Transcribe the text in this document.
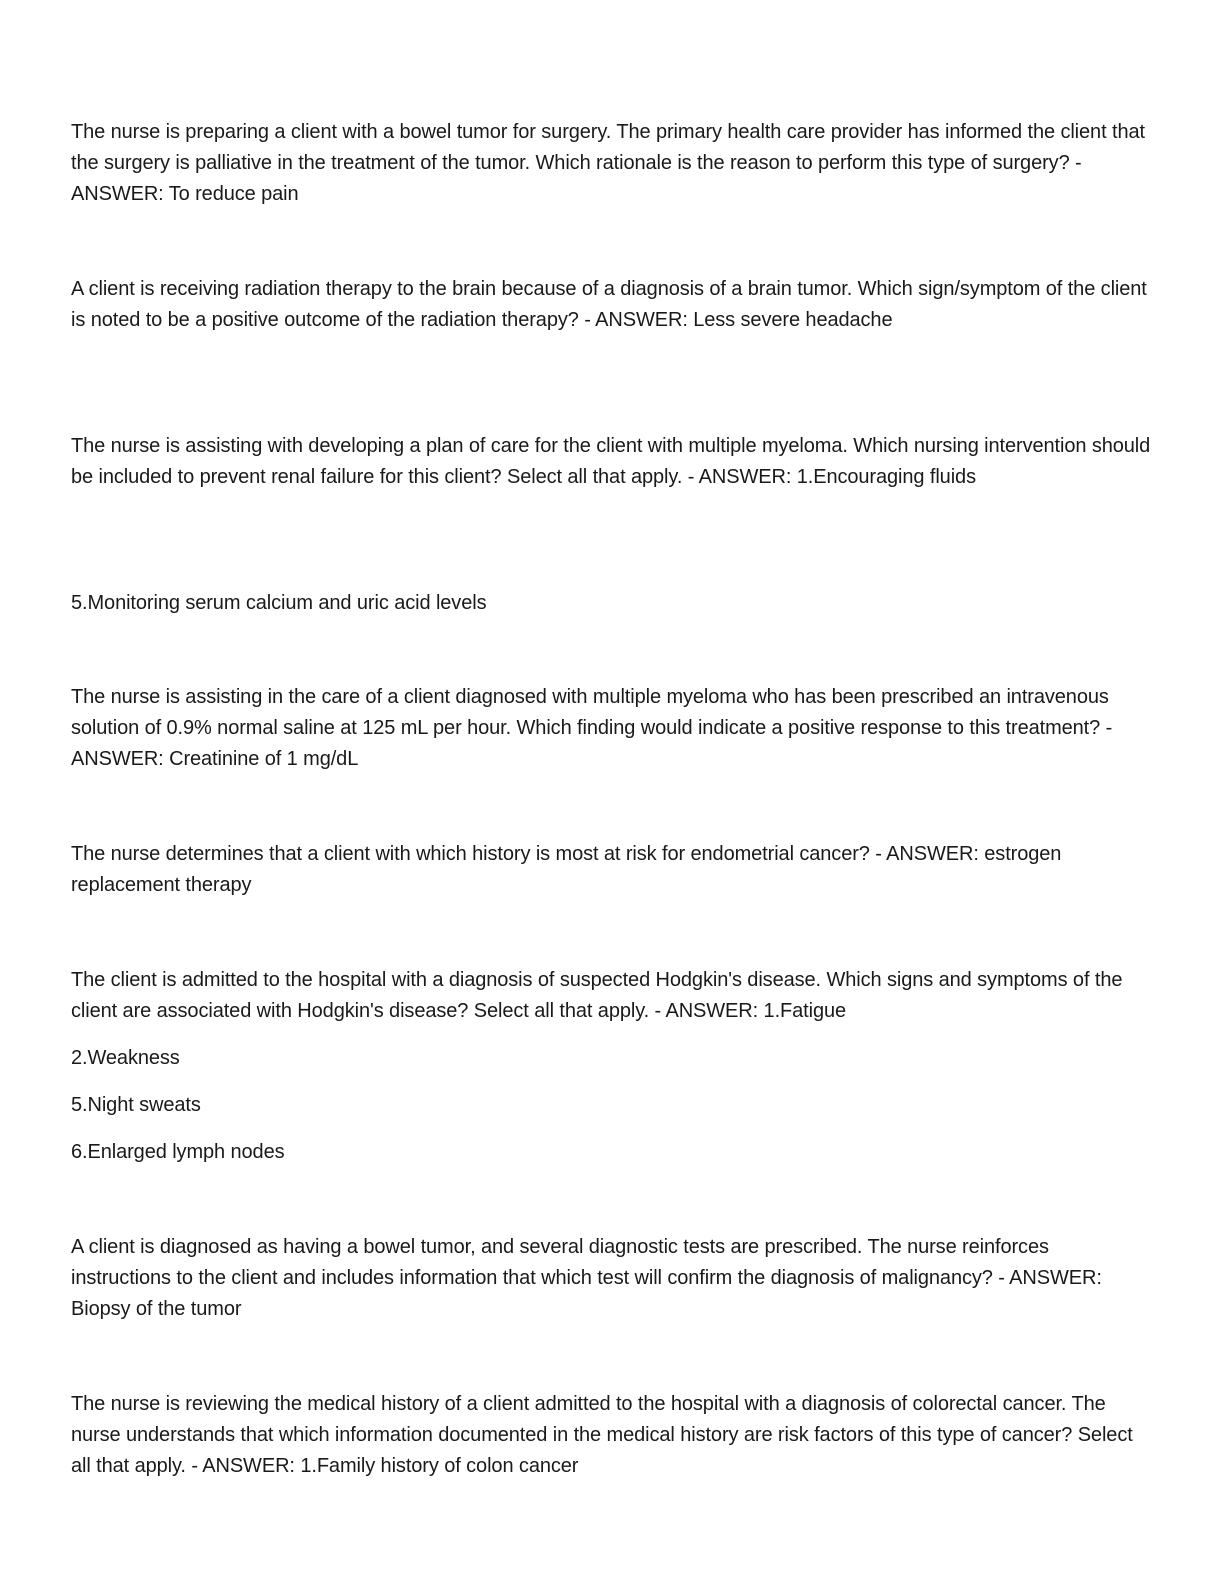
The nurse is preparing a client with a bowel tumor for surgery. The primary health care provider has informed the client that the surgery is palliative in the treatment of the tumor. Which rationale is the reason to perform this type of surgery? - ANSWER: To reduce pain

A client is receiving radiation therapy to the brain because of a diagnosis of a brain tumor. Which sign/symptom of the client is noted to be a positive outcome of the radiation therapy? - ANSWER: Less severe headache

The nurse is assisting with developing a plan of care for the client with multiple myeloma. Which nursing intervention should be included to prevent renal failure for this client? Select all that apply. - ANSWER: 1.Encouraging fluids

5.Monitoring serum calcium and uric acid levels

The nurse is assisting in the care of a client diagnosed with multiple myeloma who has been prescribed an intravenous solution of 0.9% normal saline at 125 mL per hour. Which finding would indicate a positive response to this treatment? - ANSWER: Creatinine of 1 mg/dL

The nurse determines that a client with which history is most at risk for endometrial cancer? - ANSWER: estrogen replacement therapy

The client is admitted to the hospital with a diagnosis of suspected Hodgkin's disease. Which signs and symptoms of the client are associated with Hodgkin's disease? Select all that apply. - ANSWER: 1.Fatigue

2.Weakness

5.Night sweats

6.Enlarged lymph nodes

A client is diagnosed as having a bowel tumor, and several diagnostic tests are prescribed. The nurse reinforces instructions to the client and includes information that which test will confirm the diagnosis of malignancy? - ANSWER: Biopsy of the tumor

The nurse is reviewing the medical history of a client admitted to the hospital with a diagnosis of colorectal cancer. The nurse understands that which information documented in the medical history are risk factors of this type of cancer? Select all that apply. - ANSWER: 1.Family history of colon cancer
